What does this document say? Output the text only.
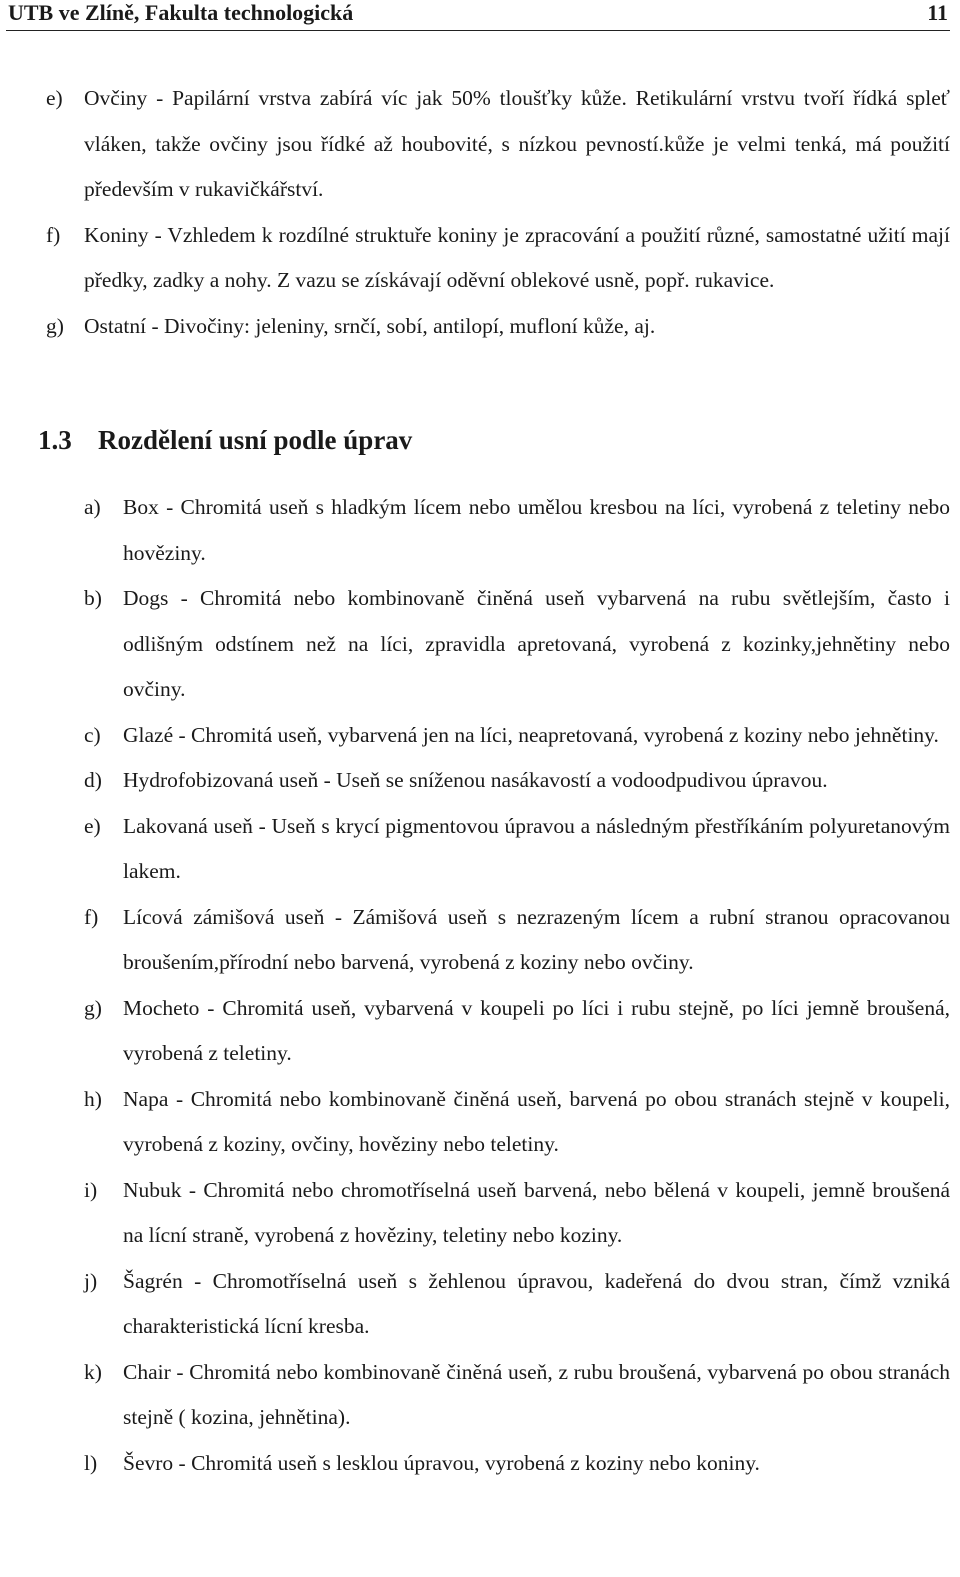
UTB ve Zlíně, Fakulta technologická	11
e) Ovčiny - Papilární vrstva zabírá víc jak 50% tloušťky kůže. Retikulární vrstvu tvoří řídká spleť vláken, takže ovčiny jsou řídké až houbovité, s nízkou pevností.kůže je velmi tenká, má použití především v rukavičkářství.
f) Koniny - Vzhledem k rozdílné struktuře koniny je zpracování a použití různé, samostatné užití mají předky, zadky a nohy. Z vazu se získávají oděvní oblekové usně, popř. rukavice.
g) Ostatní - Divočiny: jeleniny, srnčí, sobí, antilopí, mufloní kůže, aj.
1.3 Rozdělení usní podle úprav
a) Box - Chromitá useň s hladkým lícem nebo umělou kresbou na líci, vyrobená z teletiny nebo hověziny.
b) Dogs - Chromitá nebo kombinovaně činěná useň vybarvená na rubu světlejším, často i odlišným odstínem než na líci, zpravidla apretovaná, vyrobená z kozinky,jehnětiny nebo ovčiny.
c) Glazé - Chromitá useň, vybarvená jen na líci, neapretovaná, vyrobená z koziny nebo jehnětiny.
d) Hydrofobizovaná useň - Useň se sníženou nasákavostí a vodoodpudivou úpravou.
e) Lakovaná useň - Useň s krycí pigmentovou úpravou a následným přestříkáním polyuretanovým lakem.
f) Lícová zámišová useň - Zámišová useň s nezrazeným lícem a rubní stranou opracovanou broušením,přírodní nebo barvená, vyrobená z koziny nebo ovčiny.
g) Mocheto - Chromitá useň, vybarvená v koupeli po líci i rubu stejně, po líci jemně broušená, vyrobená z teletiny.
h) Napa - Chromitá nebo kombinovaně činěná useň, barvená po obou stranách stejně v koupeli, vyrobená z koziny, ovčiny, hověziny nebo teletiny.
i) Nubuk - Chromitá nebo chromotříselná useň barvená, nebo bělená v koupeli, jemně broušená na lícní straně, vyrobená z hověziny, teletiny nebo koziny.
j) Šagrén - Chromotříselná useň s žehlenou úpravou, kadeřená do dvou stran, čímž vzniká charakteristická lícní kresba.
k) Chair - Chromitá nebo kombinovaně činěná useň, z rubu broušená, vybarvená po obou stranách stejně ( kozina, jehnětina).
l) Ševro - Chromitá useň s lesklou úpravou, vyrobená z koziny nebo koniny.
